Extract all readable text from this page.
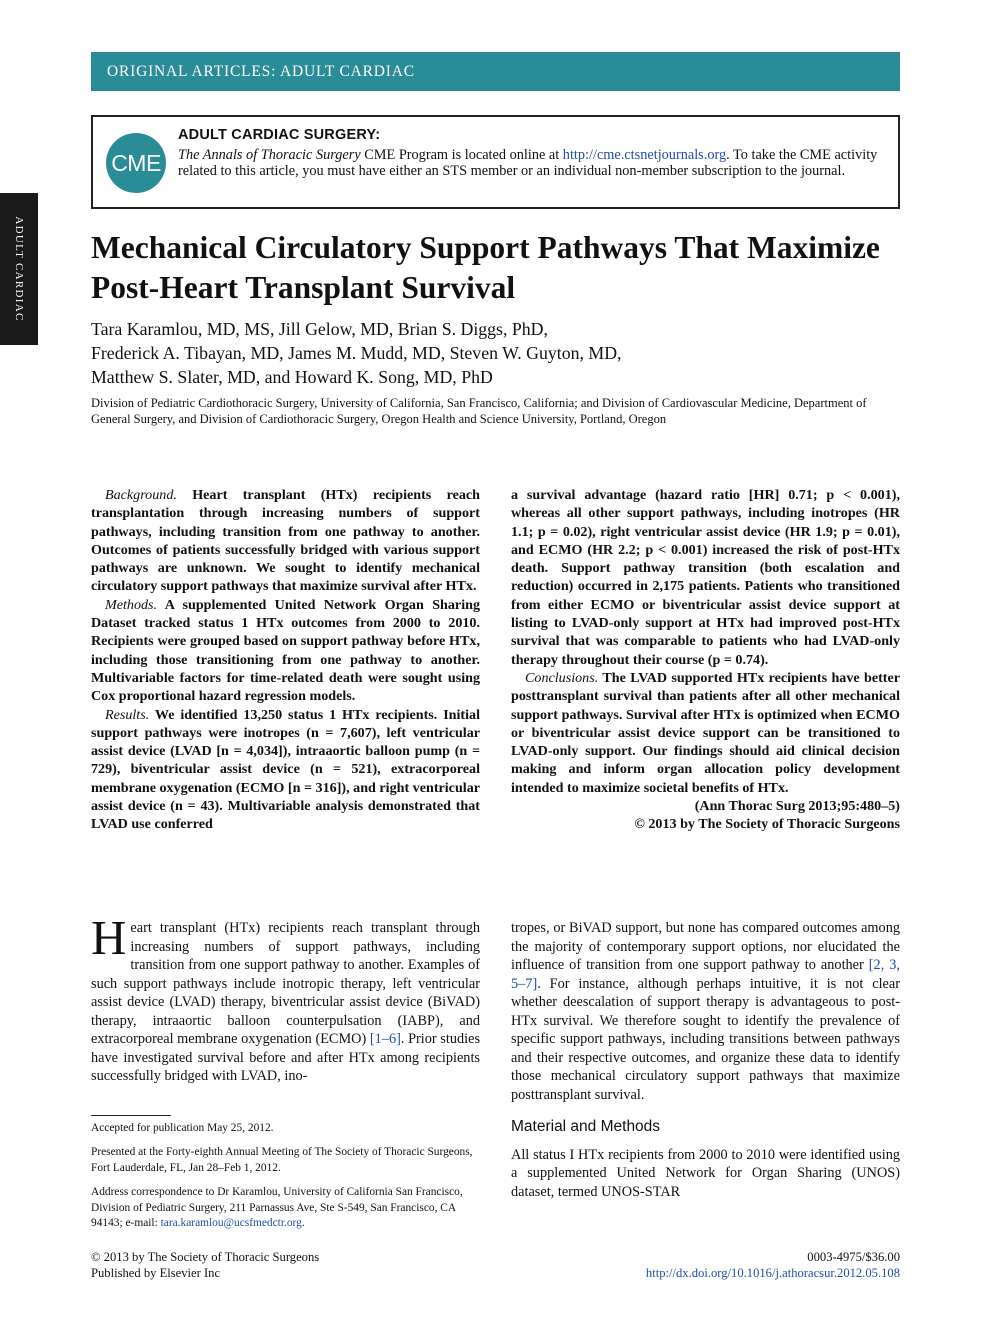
ORIGINAL ARTICLES: ADULT CARDIAC
ADULT CARDIAC
CME
ADULT CARDIAC SURGERY:
The Annals of Thoracic Surgery CME Program is located online at http://cme.ctsnetjournals.org. To take the CME activity related to this article, you must have either an STS member or an individual non-member subscription to the journal.
Mechanical Circulatory Support Pathways That Maximize Post-Heart Transplant Survival

Tara Karamlou, MD, MS, Jill Gelow, MD, Brian S. Diggs, PhD,

Frederick A. Tibayan, MD, James M. Mudd, MD, Steven W. Guyton, MD,

Matthew S. Slater, MD, and Howard K. Song, MD, PhD

Division of Pediatric Cardiothoracic Surgery, University of California, San Francisco, California; and Division of Cardiovascular Medicine, Department of General Surgery, and Division of Cardiothoracic Surgery, Oregon Health and Science University, Portland, Oregon

Background. Heart transplant (HTx) recipients reach transplantation through increasing numbers of support pathways, including transition from one pathway to another. Outcomes of patients successfully bridged with various support pathways are unknown. We sought to identify mechanical circulatory support pathways that maximize survival after HTx.

Methods. A supplemented United Network Organ Sharing Dataset tracked status 1 HTx outcomes from 2000 to 2010. Recipients were grouped based on support pathway before HTx, including those transitioning from one pathway to another. Multivariable factors for time-related death were sought using Cox proportional hazard regression models.

Results. We identified 13,250 status 1 HTx recipients. Initial support pathways were inotropes (n = 7,607), left ventricular assist device (LVAD [n = 4,034]), intraaortic balloon pump (n = 729), biventricular assist device (n = 521), extracorporeal membrane oxygenation (ECMO [n = 316]), and right ventricular assist device (n = 43). Multivariable analysis demonstrated that LVAD use conferred

a survival advantage (hazard ratio [HR] 0.71; p < 0.001), whereas all other support pathways, including inotropes (HR 1.1; p = 0.02), right ventricular assist device (HR 1.9; p = 0.01), and ECMO (HR 2.2; p < 0.001) increased the risk of post-HTx death. Support pathway transition (both escalation and reduction) occurred in 2,175 patients. Patients who transitioned from either ECMO or biventricular assist device support at listing to LVAD-only support at HTx had improved post-HTx survival that was comparable to patients who had LVAD-only therapy throughout their course (p = 0.74).

Conclusions. The LVAD supported HTx recipients have better posttransplant survival than patients after all other mechanical support pathways. Survival after HTx is optimized when ECMO or biventricular assist device support can be transitioned to LVAD-only support. Our findings should aid clinical decision making and inform organ allocation policy development intended to maximize societal benefits of HTx.

(Ann Thorac Surg 2013;95:480–5)

© 2013 by The Society of Thoracic Surgeons

Heart transplant (HTx) recipients reach transplant through increasing numbers of support pathways, including transition from one support pathway to another. Examples of such support pathways include inotropic therapy, left ventricular assist device (LVAD) therapy, biventricular assist device (BiVAD) therapy, intraaortic balloon counterpulsation (IABP), and extracorporeal membrane oxygenation (ECMO) [1–6]. Prior studies have investigated survival before and after HTx among recipients successfully bridged with LVAD, ino-

tropes, or BiVAD support, but none has compared outcomes among the majority of contemporary support options, nor elucidated the influence of transition from one support pathway to another [2, 3, 5–7]. For instance, although perhaps intuitive, it is not clear whether deescalation of support therapy is advantageous to post-HTx survival. We therefore sought to identify the prevalence of specific support pathways, including transitions between pathways and their respective outcomes, and organize these data to identify those mechanical circulatory support pathways that maximize posttransplant survival.

Material and Methods

All status I HTx recipients from 2000 to 2010 were identified using a supplemented United Network for Organ Sharing (UNOS) dataset, termed UNOS-STAR

Accepted for publication May 25, 2012.

Presented at the Forty-eighth Annual Meeting of The Society of Thoracic Surgeons, Fort Lauderdale, FL, Jan 28–Feb 1, 2012.

Address correspondence to Dr Karamlou, University of California San Francisco, Division of Pediatric Surgery, 211 Parnassus Ave, Ste S-549, San Francisco, CA 94143; e-mail: tara.karamlou@ucsfmedctr.org.

© 2013 by The Society of Thoracic Surgeons
Published by Elsevier Inc
0003-4975/$36.00
http://dx.doi.org/10.1016/j.athoracsur.2012.05.108
